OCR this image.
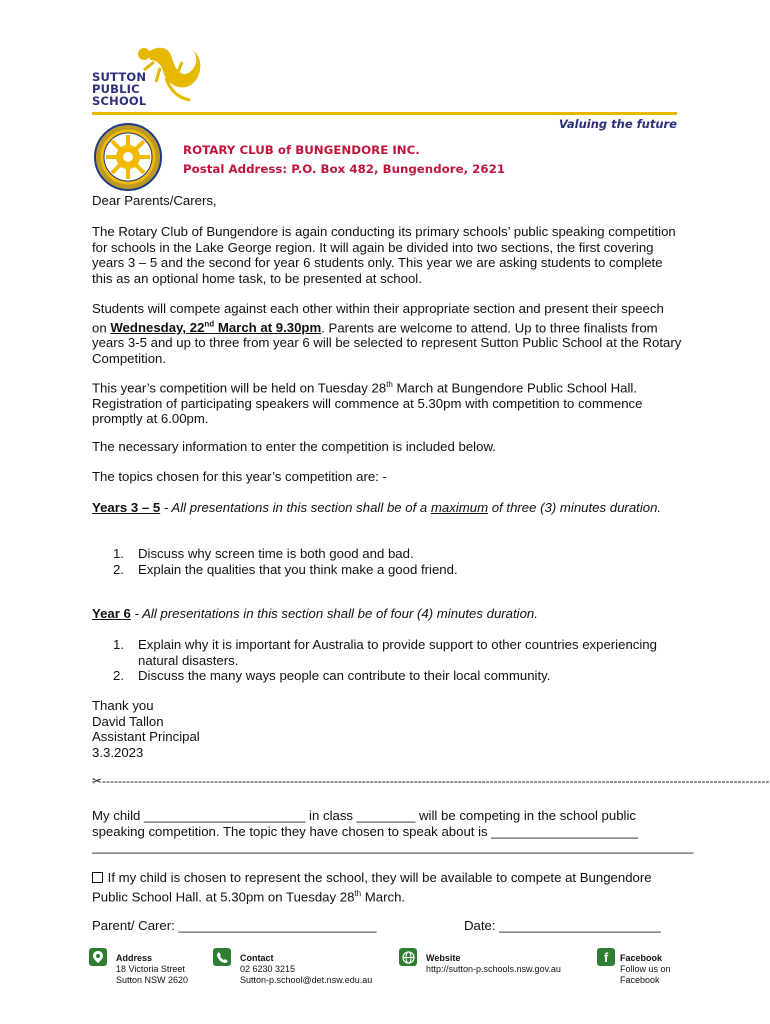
SUTTON
PUBLIC
SCHOOL
Valuing the future
ROTARY CLUB of BUNGENDORE INC.
Postal Address: P.O. Box 482, Bungendore, 2621

Dear Parents/Carers,

The Rotary Club of Bungendore is again conducting its primary schools’ public speaking competition for schools in the Lake George region. It will again be divided into two sections, the first covering years 3 – 5 and the second for year 6 students only. This year we are asking students to complete this as an optional home task, to be presented at school.

Students will compete against each other within their appropriate section and present their speech on Wednesday, 22nd March at 9.30pm. Parents are welcome to attend. Up to three finalists from years 3-5 and up to three from year 6 will be selected to represent Sutton Public School at the Rotary Competition.

This year’s competition will be held on Tuesday 28th March at Bungendore Public School Hall. Registration of participating speakers will commence at 5.30pm with competition to commence promptly at 6.00pm.

The necessary information to enter the competition is included below.

The topics chosen for this year’s competition are: -

Years 3 – 5 - All presentations in this section shall be of a maximum of three (3) minutes duration.

1. Discuss why screen time is both good and bad.
2. Explain the qualities that you think make a good friend.

Year 6 - All presentations in this section shall be of four (4) minutes duration.

1. Explain why it is important for Australia to provide support to other countries experiencing natural disasters.
2. Discuss the many ways people can contribute to their local community.
Thank you
David Tallon
Assistant Principal
3.3.2023
✂-----------------------------------------------------------------------------------------------------------------------------------------------------------------------

My child ______________________ in class ________ will be competing in the school public speaking competition. The topic they have chosen to speak about is ____________________

__________________________________________________________________________________

If my child is chosen to represent the school, they will be available to compete at Bungendore Public School Hall. at 5.30pm on Tuesday 28th March.

Parent/ Carer: ___________________________	Date: ______________________
Address
18 Victoria Street
Sutton NSW 2620
Contact
02 6230 3215
Sutton-p.school@det.nsw.edu.au
Website
http://sutton-p.schools.nsw.gov.au
f Facebook
Follow us on
Facebook
